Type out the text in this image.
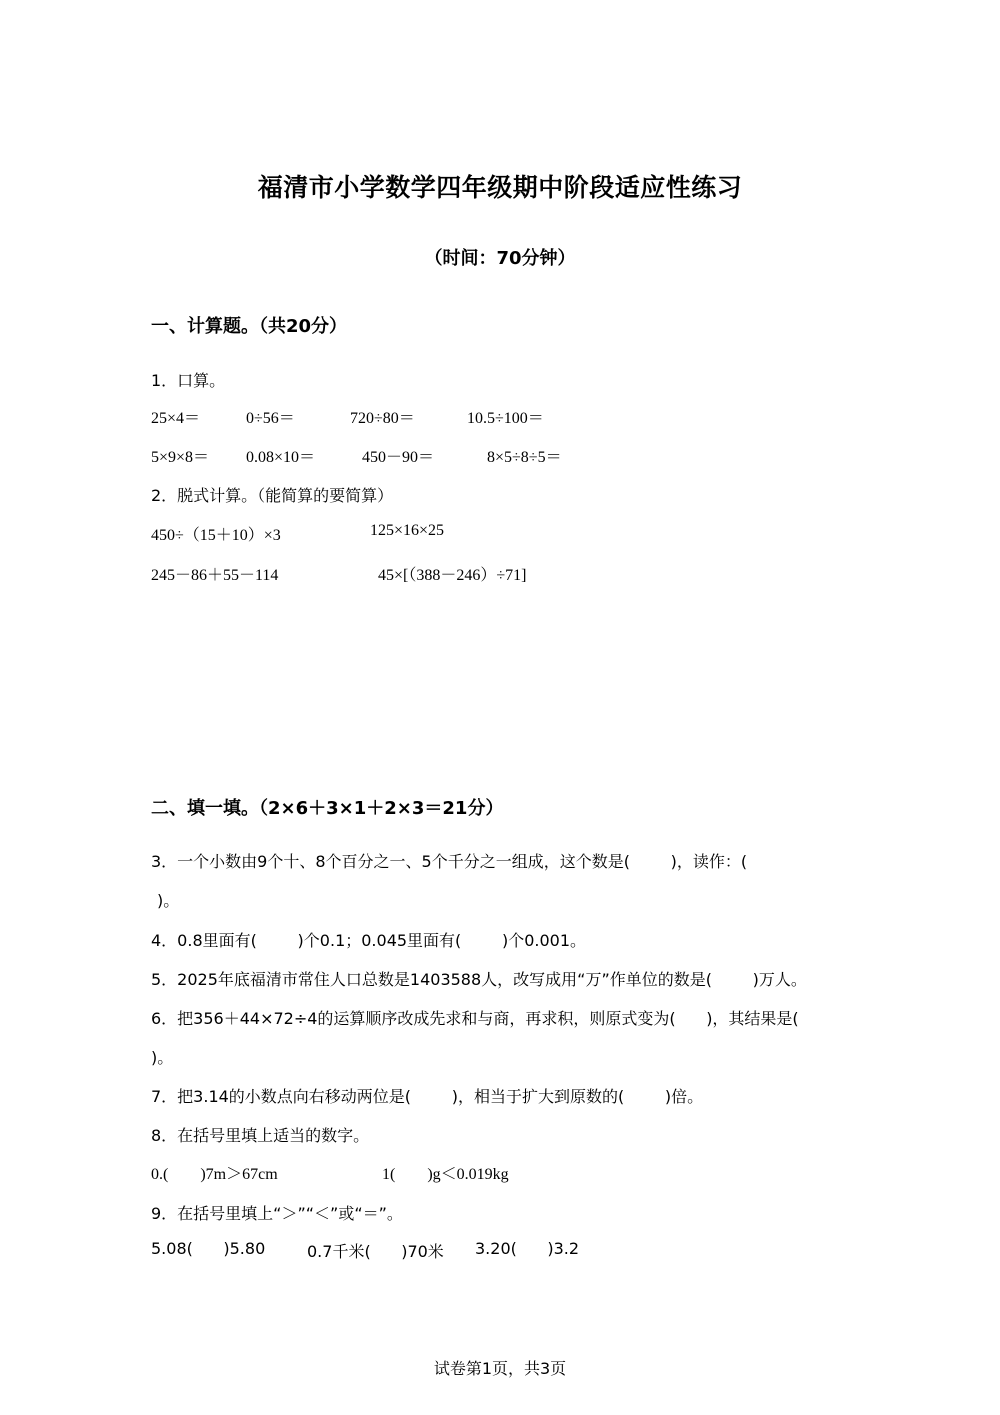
福清市小学数学四年级期中阶段适应性练习
（时间：70分钟）
一、计算题。（共20分）
1．口算。
25×4＝	0÷56＝	720÷80＝	10.5÷100＝
5×9×8＝ 0.08×10＝	450－90＝	8×5÷8÷5＝
2．脱式计算。（能简算的要简算）
450÷（15＋10）×3	125×16×25
245－86＋55－114	45×[（388－246）÷71]
二、填一填。（2×6＋3×1＋2×3＝21分）
3．一个小数由9个十、8个百分之一、5个千分之一组成，这个数是(        )，读作：(
)。
4．0.8里面有(        )个0.1；0.045里面有(        )个0.001。
5．2025年底福清市常住人口总数是1403588人，改写成用“万”作单位的数是(        )万人。
6．把356＋44×72÷4的运算顺序改成先求和与商，再求积，则原式变为(      )，其结果是(
)。
7．把3.14的小数点向右移动两位是(        )，相当于扩大到原数的(        )倍。
8．在括号里填上适当的数字。
0.(        )7m＞67cm	1(        )g＜0.019kg
9．在括号里填上“＞”“＜”或“＝”。
5.08(      )5.80	0.7千米(      )70米 3.20(      )3.2
试卷第1页，共3页
